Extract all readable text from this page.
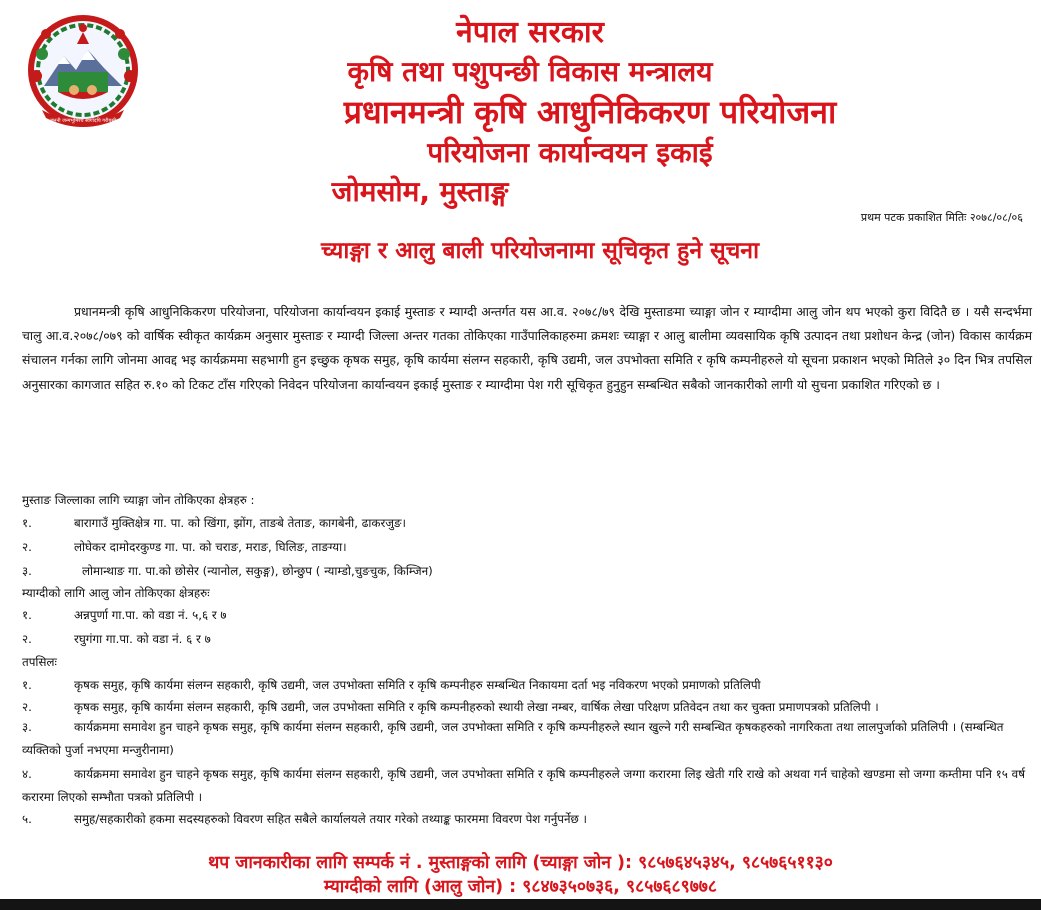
जननी जन्मभूमिश्च स्वर्गादपि गरीयसी
नेपाल सरकार
कृषि तथा पशुपन्छी विकास मन्त्रालय
प्रधानमन्त्री कृषि आधुनिकिकरण परियोजना
परियोजना कार्यान्वयन इकाई
जोमसोम, मुस्ताङ्ग
प्रथम पटक प्रकाशित मितिः २०७८/०८/०६
च्याङ्गा र आलु बाली परियोजनामा सूचिकृत हुने सूचना
प्रधानमन्त्री कृषि आधुनिकिकरण परियोजना, परियोजना कार्यान्वयन इकाई मुस्ताङ र म्याग्दी अन्तर्गत यस आ.व. २०७८/७९ देखि मुस्ताङमा च्याङ्गा जोन र म्याग्दीमा आलु जोन थप भएको कुरा विदितै छ । यसै सन्दर्भमा चालु आ.व.२०७८/०७९ को वार्षिक स्वीकृत कार्यक्रम अनुसार मुस्ताङ र म्याग्दी जिल्ला अन्तर गतका तोकिएका गाउँपालिकाहरुमा क्रमशः च्याङ्गा र आलु बालीमा व्यवसायिक कृषि उत्पादन तथा प्रशोधन केन्द्र (जोन) विकास कार्यक्रम संचालन गर्नका लागि जोनमा आवद्द भइ कार्यक्रममा सहभागी हुन इच्छुक कृषक समुह, कृषि कार्यमा संलग्न सहकारी, कृषि उद्यमी, जल उपभोक्ता समिति र कृषि कम्पनीहरुले यो सूचना प्रकाशन भएको मितिले ३० दिन भित्र तपसिल अनुसारका कागजात सहित रु.१० को टिकट टाँस गरिएको निवेदन परियोजना कार्यान्वयन इकाई मुस्ताङ र म्याग्दीमा पेश गरी सूचिकृत हुनुहुन सम्बन्धित सबैको जानकारीको लागी यो सुचना प्रकाशित गरिएको छ ।
मुस्ताङ जिल्लाका लागि च्याङ्गा जोन तोकिएका क्षेत्रहरु :
१.	बारागाउँ मुक्तिक्षेत्र गा. पा. को खिंगा, झोंग, ताङबे तेताङ, कागबेनी, ढाकरजुङ।
२.	लोघेकर दामोदरकुण्ड गा. पा. को चराङ, मराङ, घिलिङ, ताङग्या।
३.	लोमान्थाङ गा. पा.को छोसेर (न्यानोल, सकुङ्ग), छोन्छुप ( न्याम्डो,चुङचुक, किम्जिन)
म्याग्दीको लागि आलु जोन तोकिएका क्षेत्रहरुः
१.	अन्नपुर्णा गा.पा. को वडा नं. ५,६ र ७
२.	रघुगंगा गा.पा. को वडा नं. ६ र ७
तपसिलः
१.	कृषक समुह, कृषि कार्यमा संलग्न सहकारी, कृषि उद्यमी, जल उपभोक्ता समिति र कृषि कम्पनीहरु सम्बन्धित निकायमा दर्ता भइ नविकरण भएको प्रमाणको प्रतिलिपी
२.	कृषक समुह, कृषि कार्यमा संलग्न सहकारी, कृषि उद्यमी, जल उपभोक्ता समिति र कृषि कम्पनीहरुको स्थायी लेखा नम्बर, वार्षिक लेखा परिक्षण प्रतिवेदन तथा कर चुक्ता प्रमाणपत्रको प्रतिलिपी ।
३.	कार्यक्रममा समावेश हुन चाहने कृषक समुह, कृषि कार्यमा संलग्न सहकारी, कृषि उद्यमी, जल उपभोक्ता समिति र कृषि कम्पनीहरुले स्थान खुल्ने गरी सम्बन्धित कृषकहरुको नागरिकता तथा लालपुर्जाको प्रतिलिपी । (सम्बन्धित व्यक्तिको पुर्जा नभएमा मन्जुरीनामा)
४.	कार्यक्रममा समावेश हुन चाहने कृषक समुह, कृषि कार्यमा संलग्न सहकारी, कृषि उद्यमी, जल उपभोक्ता समिति र कृषि कम्पनीहरुले जग्गा करारमा लिइ खेती गरि राखे को अथवा गर्न चाहेको खण्डमा सो जग्गा कम्तीमा पनि १५ वर्ष करारमा लिएको सम्भौता पत्रको प्रतिलिपी ।
५.	समुह/सहकारीको हकमा सदस्यहरुको विवरण सहित सबैले कार्यालयले तयार गरेको तथ्याङ्क फारममा विवरण पेश गर्नुपर्नेछ ।
थप जानकारीका लागि सम्पर्क नं . मुस्ताङ्गको लागि (च्याङ्गा जोन ): ९८५७६४५३४५, ९८५७६५११३०
म्याग्दीको लागि (आलु जोन) : ९८४७३५०७३६, ९८५७६८९७७८
